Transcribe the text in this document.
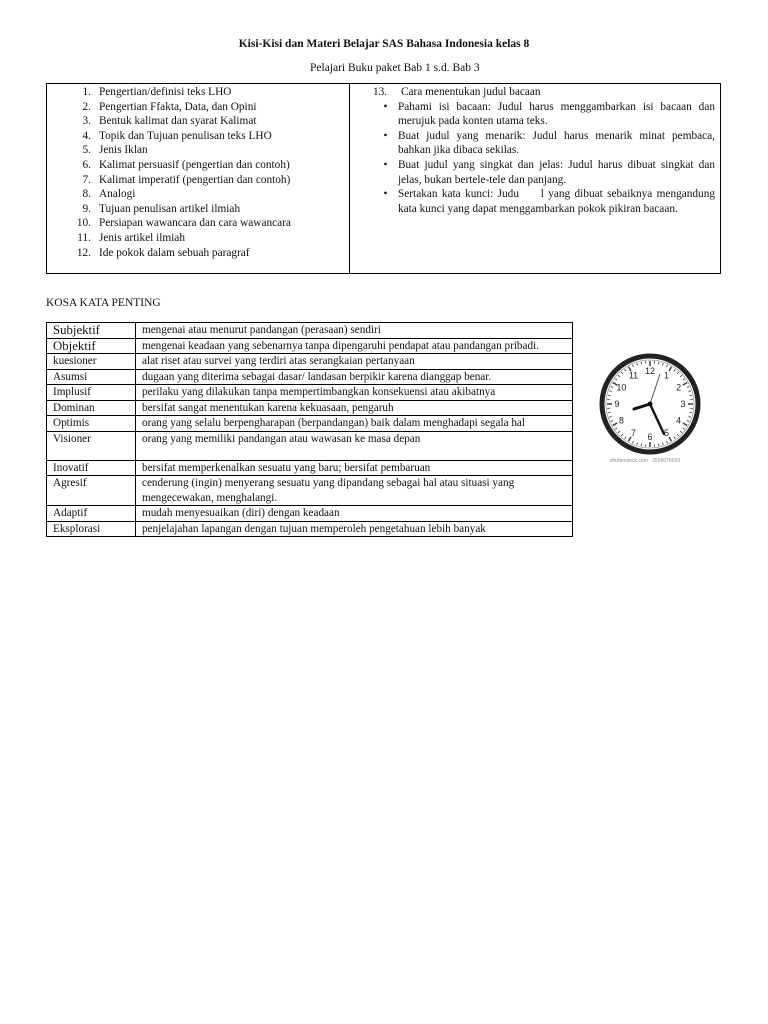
Kisi-Kisi dan Materi Belajar SAS Bahasa Indonesia kelas 8
Pelajari Buku paket Bab 1 s.d. Bab 3
1. Pengertian/definisi teks LHO
2. Pengertian Ffakta, Data, dan Opini
3. Bentuk kalimat dan syarat Kalimat
4. Topik dan Tujuan penulisan teks LHO
5. Jenis Iklan
6. Kalimat persuasif (pengertian dan contoh)
7. Kalimat imperatif (pengertian dan contoh)
8. Analogi
9. Tujuan penulisan artikel ilmiah
10. Persiapan wawancara dan cara wawancara
11. Jenis artikel ilmiah
12. Ide pokok dalam sebuah paragraf
13.	Cara menentukan judul bacaan
• Pahami isi bacaan: Judul harus menggambarkan isi bacaan dan merujuk pada konten utama teks.
• Buat judul yang menarik: Judul harus menarik minat pembaca, bahkan jika dibaca sekilas.
• Buat judul yang singkat dan jelas: Judul harus dibuat singkat dan jelas, bukan bertele-tele dan panjang.
• Sertakan kata kunci: Judu     l yang dibuat sebaiknya mengandung kata kunci yang dapat menggambarkan pokok pikiran bacaan.
KOSA KATA PENTING
Subjektif	mengenai atau menurut pandangan (perasaan) sendiri
Objektif	mengenai keadaan yang sebenarnya tanpa dipengaruhi pendapat atau pandangan pribadi.
kuesioner	alat riset atau survei yang terdiri atas serangkaian pertanyaan
Asumsi	dugaan yang diterima sebagai dasar/ landasan berpikir karena dianggap benar.
Implusif	perilaku yang dilakukan tanpa mempertimbangkan konsekuensi atau akibatnya
Dominan	bersifat sangat menentukan karena kekuasaan, pengaruh
Optimis	orang yang selalu berpengharapan (berpandangan) baik dalam menghadapi segala hal
Visioner	orang yang memiliki pandangan atau wawasan ke masa depan
Inovatif	bersifat memperkenalkan sesuatu yang baru; bersifat pembaruan
Agresif	cenderung (ingin) menyerang sesuatu yang dipandang sebagai hal atau situasi yang mengecewakan, menghalangi.
Adaptif	mudah menyesuaikan (diri) dengan keadaan
Eksplorasi	penjelajahan lapangan dengan tujuan memperoleh pengetahuan lebih banyak
12 1
2
3
4
5
6
7
8
9
10
11
shutterstock.com · 2556076019
